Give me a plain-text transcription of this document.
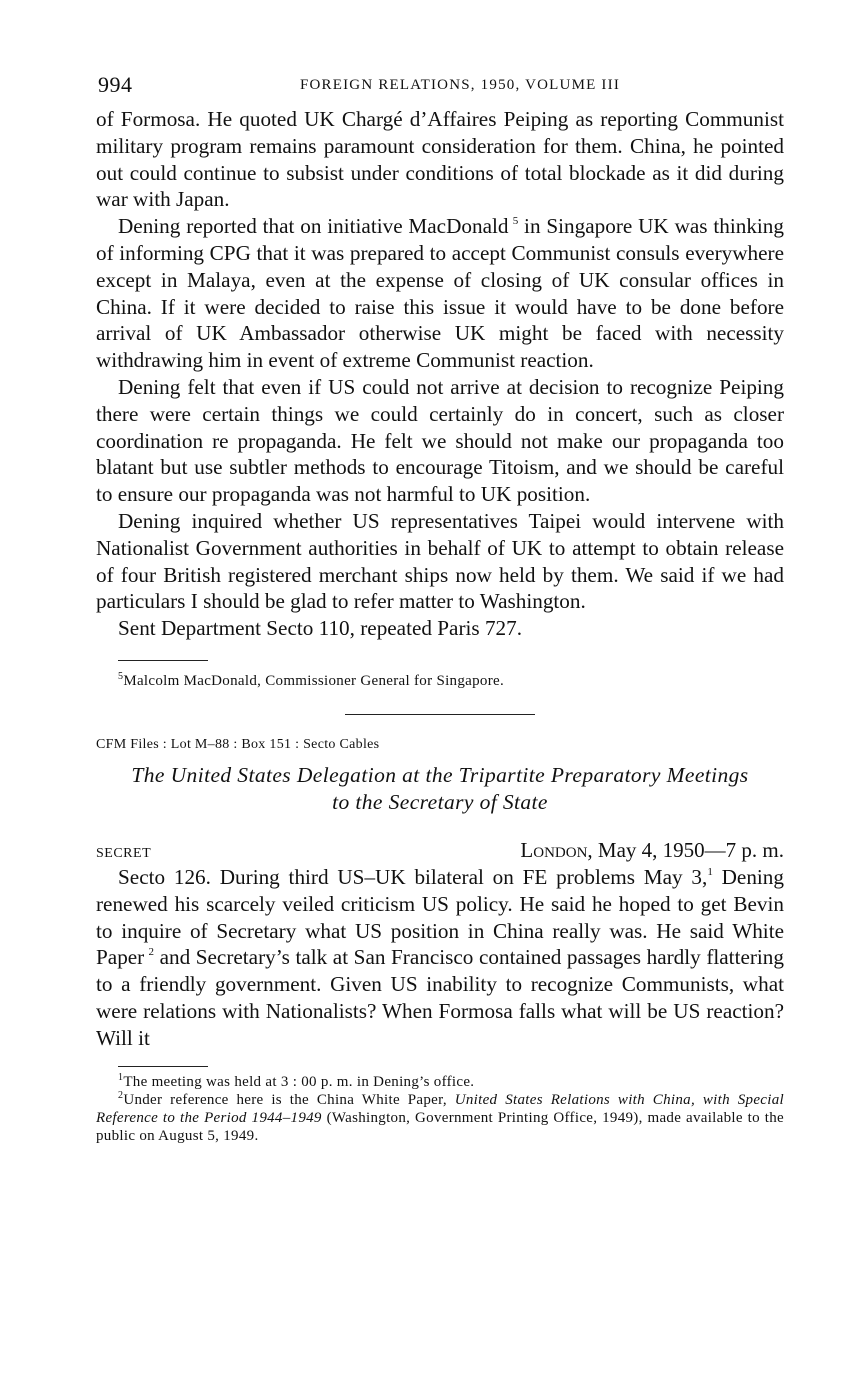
994	FOREIGN RELATIONS, 1950, VOLUME III

of Formosa. He quoted UK Chargé d’Affaires Peiping as reporting Communist military program remains paramount consideration for them. China, he pointed out could continue to subsist under conditions of total blockade as it did during war with Japan.

Dening reported that on initiative MacDonald  $^5$ in Singapore UK was thinking of informing CPG that it was prepared to accept Communist consuls everywhere except in Malaya, even at the expense of closing of UK consular offices in China. If it were decided to raise this issue it would have to be done before arrival of UK Ambassador otherwise UK might be faced with necessity withdrawing him in event of extreme Communist reaction.

Dening felt that even if US could not arrive at decision to recognize Peiping there were certain things we could certainly do in concert, such as closer coordination re propaganda. He felt we should not make our propaganda too blatant but use subtler methods to encourage Titoism, and we should be careful to ensure our propaganda was not harmful to UK position.

Dening inquired whether US representatives Taipei would intervene with Nationalist Government authorities in behalf of UK to attempt to obtain release of four British registered merchant ships now held by them. We said if we had particulars I should be glad to refer matter to Washington.

Sent Department Secto 110, repeated Paris 727.

$^5$Malcolm MacDonald, Commissioner General for Singapore.
CFM Files : Lot M–88 : Box 151 : Secto Cables
The United States Delegation at the Tripartite Preparatory Meetings
to the Secretary of State
SECRET	London, May 4, 1950—7 p. m.

Secto 126. During third US–UK bilateral on FE problems May 3,$^1$ Dening renewed his scarcely veiled criticism US policy. He said he hoped to get Bevin to inquire of Secretary what US position in China really was. He said White Paper  $^2$ and Secretary’s talk at San Francisco contained passages hardly flattering to a friendly government. Given US inability to recognize Communists, what were relations with Nationalists? When Formosa falls what will be US reaction? Will it

$^1$The meeting was held at 3 : 00 p. m. in Dening’s office.
$^2$Under reference here is the China White Paper, United States Relations with China, with Special Reference to the Period 1944–1949 (Washington, Government Printing Office, 1949), made available to the public on August 5, 1949.
